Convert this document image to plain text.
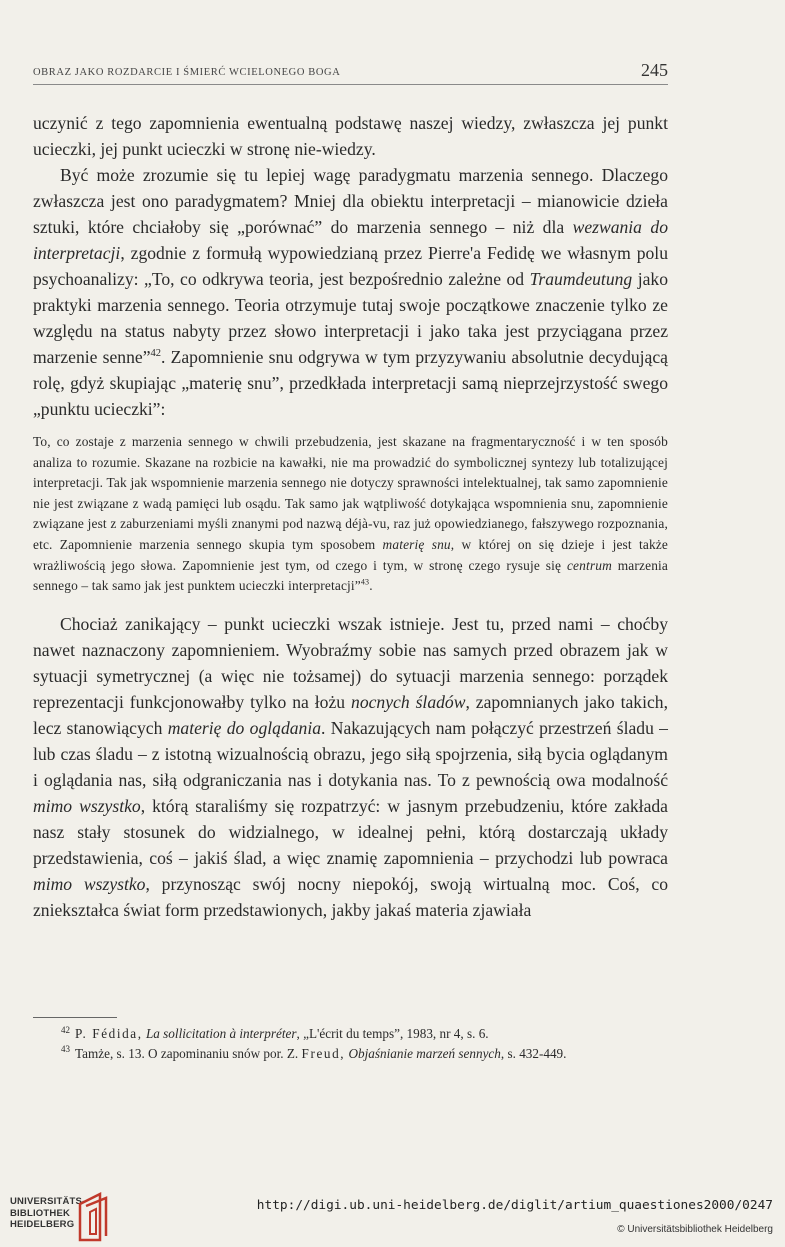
OBRAZ JAKO ROZDARCIE I ŚMIERĆ WCIELONEGO BOGA	245

uczynić z tego zapomnienia ewentualną podstawę naszej wiedzy, zwłaszcza jej punkt ucieczki, jej punkt ucieczki w stronę nie-wiedzy.

Być może zrozumie się tu lepiej wagę paradygmatu marzenia sennego. Dlaczego zwłaszcza jest ono paradygmatem? Mniej dla obiektu interpretacji – mianowicie dzieła sztuki, które chciałoby się „porównać” do marzenia sennego – niż dla wezwania do interpretacji, zgodnie z formułą wypowiedzianą przez Pierre'a Fedidę we własnym polu psychoanalizy: „To, co odkrywa teoria, jest bezpośrednio zależne od Traumdeutung jako praktyki marzenia sennego. Teoria otrzymuje tutaj swoje początkowe znaczenie tylko ze względu na status nabyty przez słowo interpretacji i jako taka jest przyciągana przez marzenie senne”$^{42}$. Zapomnienie snu odgrywa w tym przyzywaniu absolutnie decydującą rolę, gdyż skupiając „materię snu”, przedkłada interpretacji samą nieprzejrzystość swego „punktu ucieczki”:

To, co zostaje z marzenia sennego w chwili przebudzenia, jest skazane na fragmentaryczność i w ten sposób analiza to rozumie. Skazane na rozbicie na kawałki, nie ma prowadzić do symbolicznej syntezy lub totalizującej interpretacji. Tak jak wspomnienie marzenia sennego nie dotyczy sprawności intelektualnej, tak samo zapomnienie nie jest związane z wadą pamięci lub osądu. Tak samo jak wątpliwość dotykająca wspomnienia snu, zapomnienie związane jest z zaburzeniami myśli znanymi pod nazwą déjà-vu, raz już opowiedzianego, fałszywego rozpoznania, etc. Zapomnienie marzenia sennego skupia tym sposobem materię snu, w której on się dzieje i jest także wrażliwością jego słowa. Zapomnienie jest tym, od czego i tym, w stronę czego rysuje się centrum marzenia sennego – tak samo jak jest punktem ucieczki interpretacji”$^{43}$.

Chociaż zanikający – punkt ucieczki wszak istnieje. Jest tu, przed nami – choćby nawet naznaczony zapomnieniem. Wyobraźmy sobie nas samych przed obrazem jak w sytuacji symetrycznej (a więc nie tożsamej) do sytuacji marzenia sennego: porządek reprezentacji funkcjonowałby tylko na łożu nocnych śladów, zapomnianych jako takich, lecz stanowiących materię do oglądania. Nakazujących nam połączyć przestrzeń śladu – lub czas śladu – z istotną wizualnością obrazu, jego siłą spojrzenia, siłą bycia oglądanym i oglądania nas, siłą odgraniczania nas i dotykania nas. To z pewnością owa modalność mimo wszystko, którą staraliśmy się rozpatrzyć: w jasnym przebudzeniu, które zakłada nasz stały stosunek do widzialnego, w idealnej pełni, którą dostarczają układy przedstawienia, coś – jakiś ślad, a więc znamię zapomnienia – przychodzi lub powraca mimo wszystko, przynosząc swój nocny niepokój, swoją wirtualną moc. Coś, co zniekształca świat form przedstawionych, jakby jakaś materia zjawiała

$^{42}$ P. Fédida, La sollicitation à interpréter, „L'écrit du temps”, 1983, nr 4, s. 6.

$^{43}$ Tamże, s. 13. O zapominaniu snów por. Z. Freud, Objaśnianie marzeń sennych, s. 432-449.

UNIVERSITÄTS-
BIBLIOTHEK
HEIDELBERG
http://digi.ub.uni-heidelberg.de/diglit/artium_quaestiones2000/0247
© Universitätsbibliothek Heidelberg
